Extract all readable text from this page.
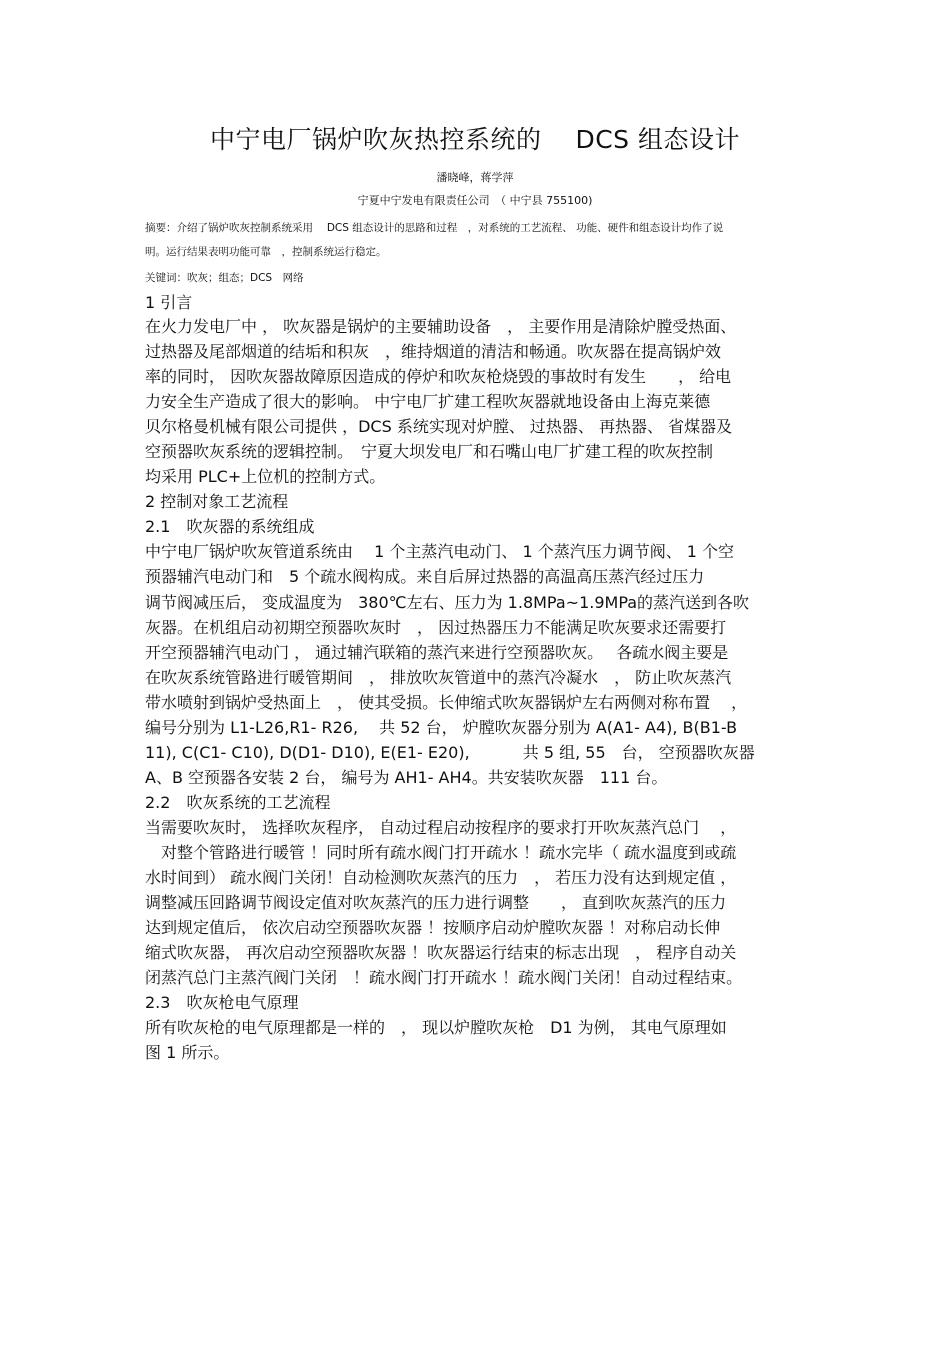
中宁电厂锅炉吹灰热控系统的　 DCS 组态设计
潘晓峰，蒋学萍
宁夏中宁发电有限责任公司　（ 中宁县 755100)
摘要：介绍了锅炉吹灰控制系统采用　 DCS 组态设计的思路和过程　，对系统的工艺流程、 功能、硬件和组态设计均作了说
明。运行结果表明功能可靠　，控制系统运行稳定。
关键词：吹灰；组态；DCS　网络
1 引言
在火力发电厂中 ， 吹灰器是锅炉的主要辅助设备　， 主要作用是清除炉膛受热面、
过热器及尾部烟道的结垢和积灰　，维持烟道的清洁和畅通。吹灰器在提高锅炉效
率的同时， 因吹灰器故障原因造成的停炉和吹灰枪烧毁的事故时有发生　　， 给电
力安全生产造成了很大的影响。 中宁电厂扩建工程吹灰器就地设备由上海克莱德
贝尔格曼机械有限公司提供 ，DCS 系统实现对炉膛、 过热器、 再热器、 省煤器及
空预器吹灰系统的逻辑控制。　宁夏大坝发电厂和石嘴山电厂扩建工程的吹灰控制
均采用 PLC+上位机的控制方式。
2 控制对象工艺流程
2.1　吹灰器的系统组成
中宁电厂锅炉吹灰管道系统由　 1 个主蒸汽电动门、 1 个蒸汽压力调节阀、 1 个空
预器辅汽电动门和　5 个疏水阀构成。来自后屏过热器的高温高压蒸汽经过压力
调节阀减压后， 变成温度为　380℃左右、压力为 1.8MPa~1.9MPa的蒸汽送到各吹
灰器。在机组启动初期空预器吹灰时　， 因过热器压力不能满足吹灰要求还需要打
开空预器辅汽电动门 ， 通过辅汽联箱的蒸汽来进行空预器吹灰。　 各疏水阀主要是
在吹灰系统管路进行暖管期间　， 排放吹灰管道中的蒸汽冷凝水　， 防止吹灰蒸汽
带水喷射到锅炉受热面上　， 使其受损。长伸缩式吹灰器锅炉左右两侧对称布置　 ，
编号分别为 L1-L26,R1- R26,　 共 52 台， 炉膛吹灰器分别为 A(A1- A4), B(B1-B
11), C(C1- C10), D(D1- D10), E(E1- E20),　　　 共 5 组, 55　台， 空预器吹灰器
A、B 空预器各安装 2 台， 编号为 AH1- AH4。共安装吹灰器　111 台。
2.2　吹灰系统的工艺流程
当需要吹灰时， 选择吹灰程序， 自动过程启动按程序的要求打开吹灰蒸汽总门　 ，
　对整个管路进行暖管 ！同时所有疏水阀门打开疏水 ！疏水完毕（ 疏水温度到或疏
水时间到） 疏水阀门关闭！自动检测吹灰蒸汽的压力　， 若压力没有达到规定值 ，
调整减压回路调节阀设定值对吹灰蒸汽的压力进行调整　　， 直到吹灰蒸汽的压力
达到规定值后， 依次启动空预器吹灰器 ！按顺序启动炉膛吹灰器 ！对称启动长伸
缩式吹灰器， 再次启动空预器吹灰器 ！吹灰器运行结束的标志出现　， 程序自动关
闭蒸汽总门主蒸汽阀门关闭　！疏水阀门打开疏水 ！疏水阀门关闭！自动过程结束。
2.3　吹灰枪电气原理
所有吹灰枪的电气原理都是一样的　， 现以炉膛吹灰枪　D1 为例， 其电气原理如
图 1 所示。
